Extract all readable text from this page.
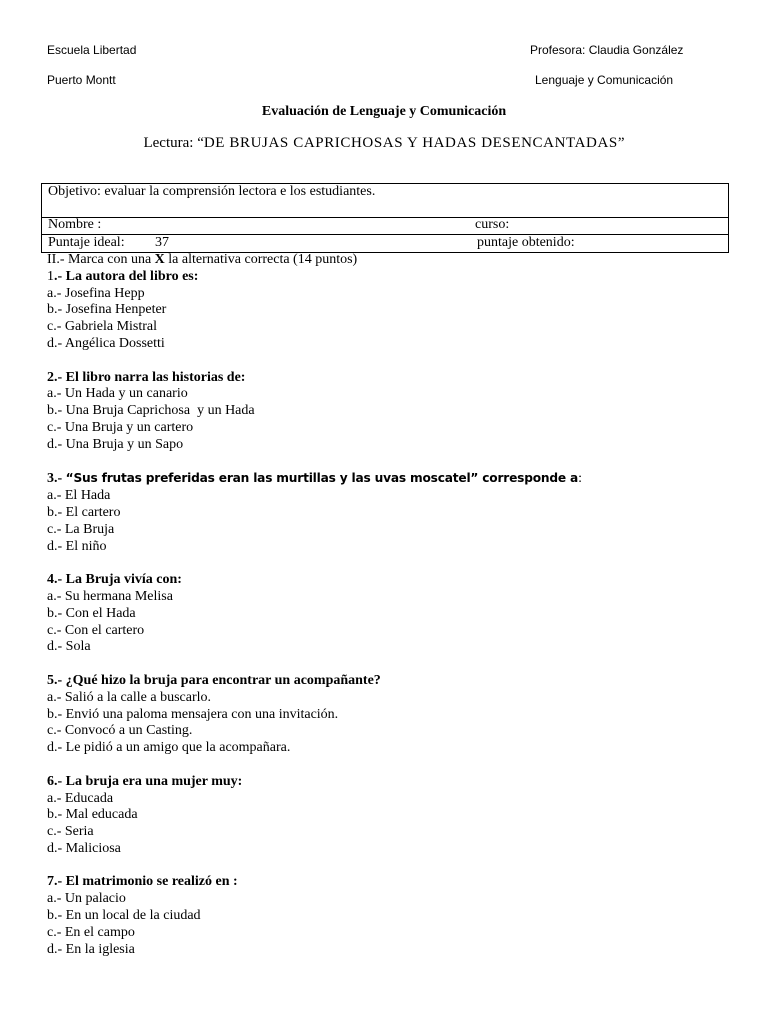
Escuela Libertad	Profesora: Claudia González
Puerto Montt	Lenguaje y Comunicación
Evaluación de Lenguaje y Comunicación
Lectura: “DE BRUJAS CAPRICHOSAS Y HADAS DESENCANTADAS”
Objetivo: evaluar la comprensión lectora e los estudiantes.
Nombre :	curso:
Puntaje ideal: 37	puntaje obtenido:
II.- Marca con una X la alternativa correcta (14 puntos)
1.- La autora del libro es:
a.- Josefina Hepp
b.- Josefina Henpeter
c.- Gabriela Mistral
d.- Angélica Dossetti
2.- El libro narra las historias de:
a.- Un Hada y un canario
b.- Una Bruja Caprichosa  y un Hada
c.- Una Bruja y un cartero
d.- Una Bruja y un Sapo
3.- “Sus frutas preferidas eran las murtillas y las uvas moscatel” corresponde a:
a.- El Hada
b.- El cartero
c.- La Bruja
d.- El niño
4.- La Bruja vivía con:
a.- Su hermana Melisa
b.- Con el Hada
c.- Con el cartero
d.- Sola
5.- ¿Qué hizo la bruja para encontrar un acompañante?
a.- Salió a la calle a buscarlo.
b.- Envió una paloma mensajera con una invitación.
c.- Convocó a un Casting.
d.- Le pidió a un amigo que la acompañara.
6.- La bruja era una mujer muy:
a.- Educada
b.- Mal educada
c.- Seria
d.- Maliciosa
7.- El matrimonio se realizó en :
a.- Un palacio
b.- En un local de la ciudad
c.- En el campo
d.- En la iglesia
